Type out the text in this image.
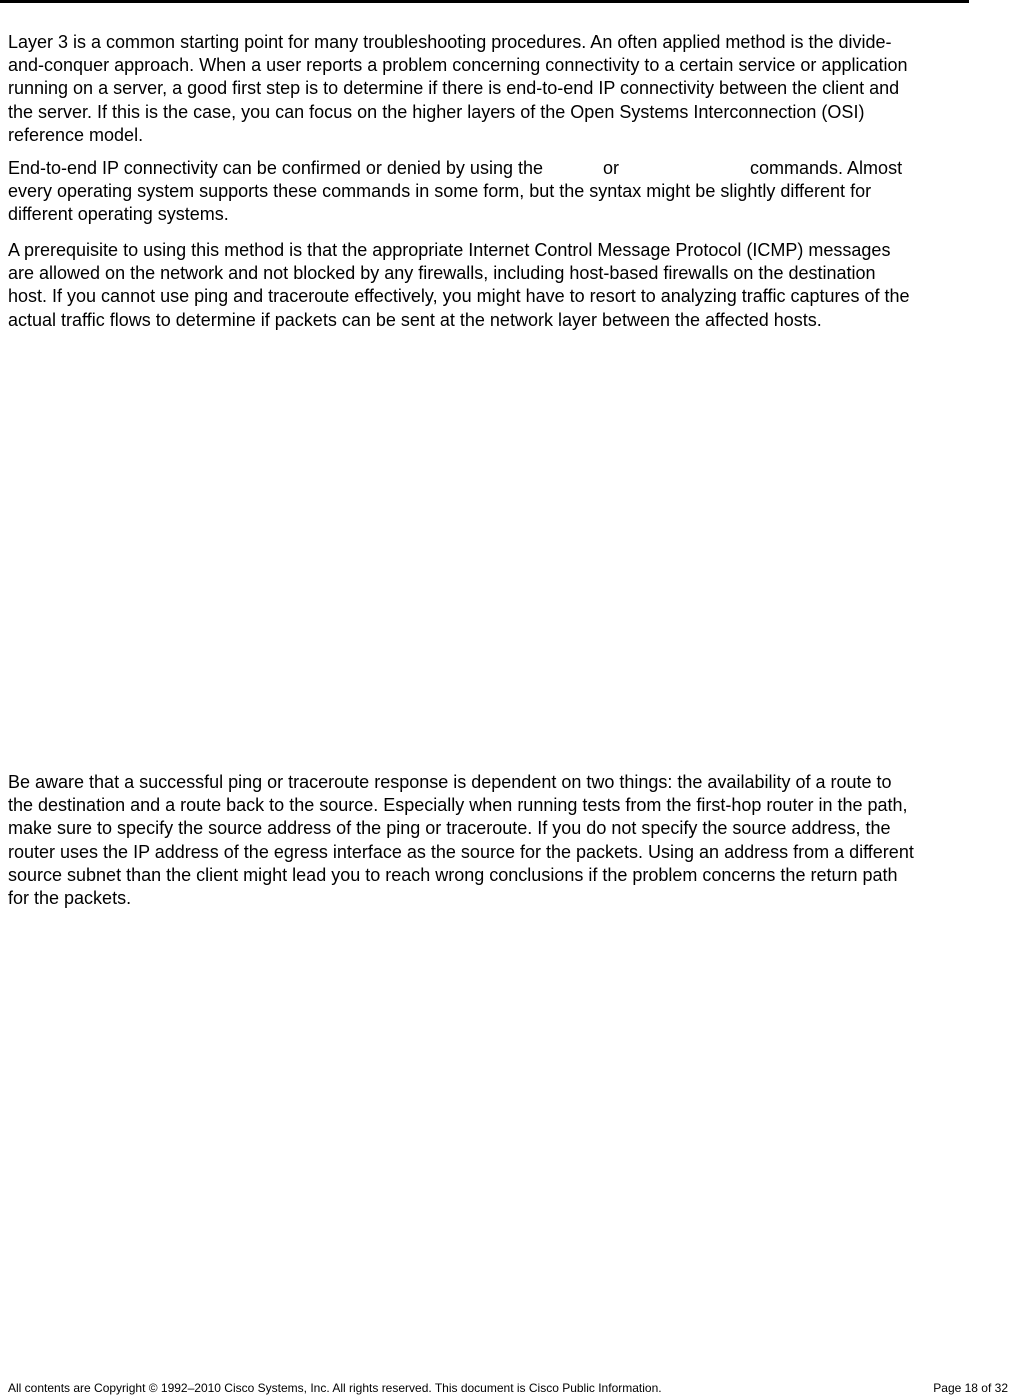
Layer 3 is a common starting point for many troubleshooting procedures. An often applied method is the divide-
and-conquer approach. When a user reports a problem concerning connectivity to a certain service or application
running on a server, a good first step is to determine if there is end-to-end IP connectivity between the client and
the server. If this is the case, you can focus on the higher layers of the Open Systems Interconnection (OSI)
reference model.

End-to-end IP connectivity can be confirmed or denied by using the	or	commands. Almost
every operating system supports these commands in some form, but the syntax might be slightly different for
different operating systems.

A prerequisite to using this method is that the appropriate Internet Control Message Protocol (ICMP) messages
are allowed on the network and not blocked by any firewalls, including host-based firewalls on the destination
host. If you cannot use ping and traceroute effectively, you might have to resort to analyzing traffic captures of the
actual traffic flows to determine if packets can be sent at the network layer between the affected hosts.

Be aware that a successful ping or traceroute response is dependent on two things: the availability of a route to
the destination and a route back to the source. Especially when running tests from the first-hop router in the path,
make sure to specify the source address of the ping or traceroute. If you do not specify the source address, the
router uses the IP address of the egress interface as the source for the packets. Using an address from a different
source subnet than the client might lead you to reach wrong conclusions if the problem concerns the return path
for the packets.

All contents are Copyright © 1992–2010 Cisco Systems, Inc. All rights reserved. This document is Cisco Public Information.	Page 18 of 32
